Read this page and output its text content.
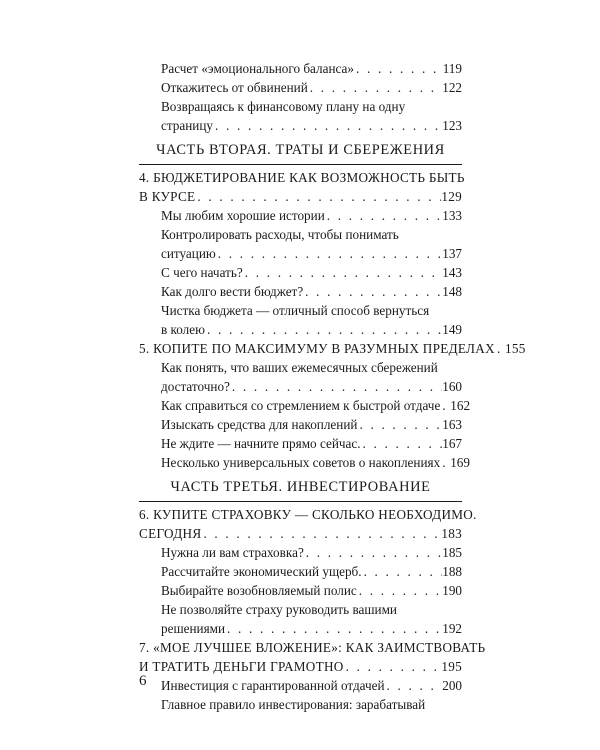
Расчет «эмоционального баланса» . . .	119
Откажитесь от обвинений . . .	122
Возвращаясь к финансовому плану на одну
страницу . . .	123
ЧАСТЬ ВТОРАЯ. ТРАТЫ И СБЕРЕЖЕНИЯ
4. БЮДЖЕТИРОВАНИЕ КАК ВОЗМОЖНОСТЬ БЫТЬ
В КУРСЕ . . .	129
Мы любим хорошие истории . . .	133
Контролировать расходы, чтобы понимать
ситуацию . . .	137
С чего начать? . . .	143
Как долго вести бюджет? . . .	148
Чистка бюджета — отличный способ вернуться
в колею . . .	149
5. КОПИТЕ ПО МАКСИМУМУ В РАЗУМНЫХ ПРЕДЕЛАХ . . . 155
Как понять, что ваших ежемесячных сбережений
достаточно? . . .	160
Как справиться со стремлением к быстрой отдаче . . . 162
Изыскать средства для накоплений . . .	163
Не ждите — начните прямо сейчас. . . .	167
Несколько универсальных советов о накоплениях . . . 169
ЧАСТЬ ТРЕТЬЯ. ИНВЕСТИРОВАНИЕ
6. КУПИТЕ СТРАХОВКУ — СКОЛЬКО НЕОБХОДИМО.
СЕГОДНЯ . . .	183
Нужна ли вам страховка? . . .	185
Рассчитайте экономический ущерб. . . .	188
Выбирайте возобновляемый полис . . .	190
Не позволяйте страху руководить вашими
решениями . . .	192
7. «МОЕ ЛУЧШЕЕ ВЛОЖЕНИЕ»: КАК ЗАИМСТВОВАТЬ
И ТРАТИТЬ ДЕНЬГИ ГРАМОТНО . . .	195
Инвестиция с гарантированной отдачей . . .	200
Главное правило инвестирования: зарабатывай
6
